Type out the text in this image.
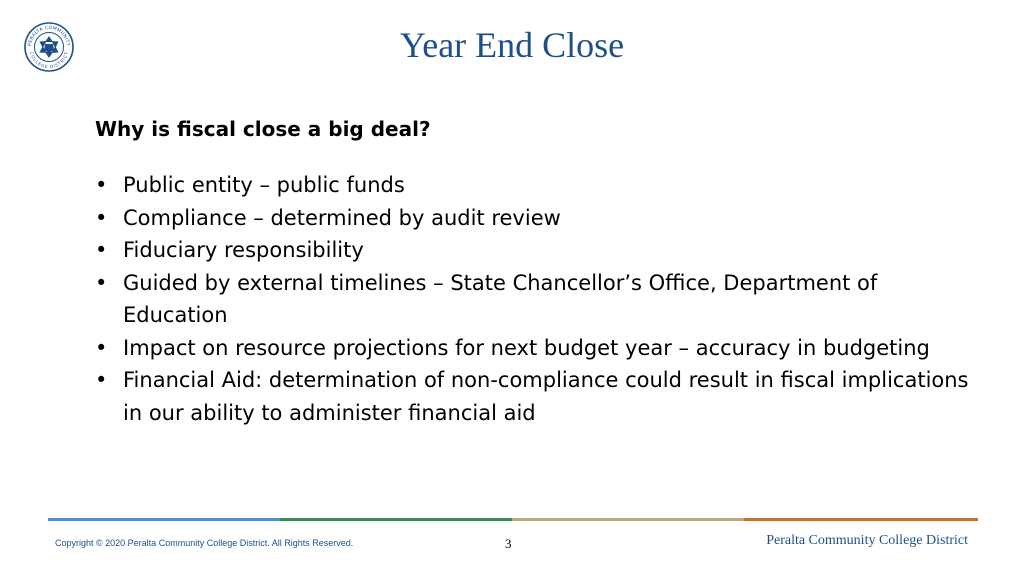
PERALTA COMMUNITY
COLLEGE DISTRICT	Year End Close
Why is fiscal close a big deal?
• Public entity – public funds
• Compliance – determined by audit review
• Fiduciary responsibility
• Guided by external timelines – State Chancellor’s Office, Department of Education
• Impact on resource projections for next budget year – accuracy in budgeting
• Financial Aid: determination of non-compliance could result in fiscal implications in our ability to administer financial aid
Copyright © 2020 Peralta Community College District. All Rights Reserved.	3	Peralta Community College District
